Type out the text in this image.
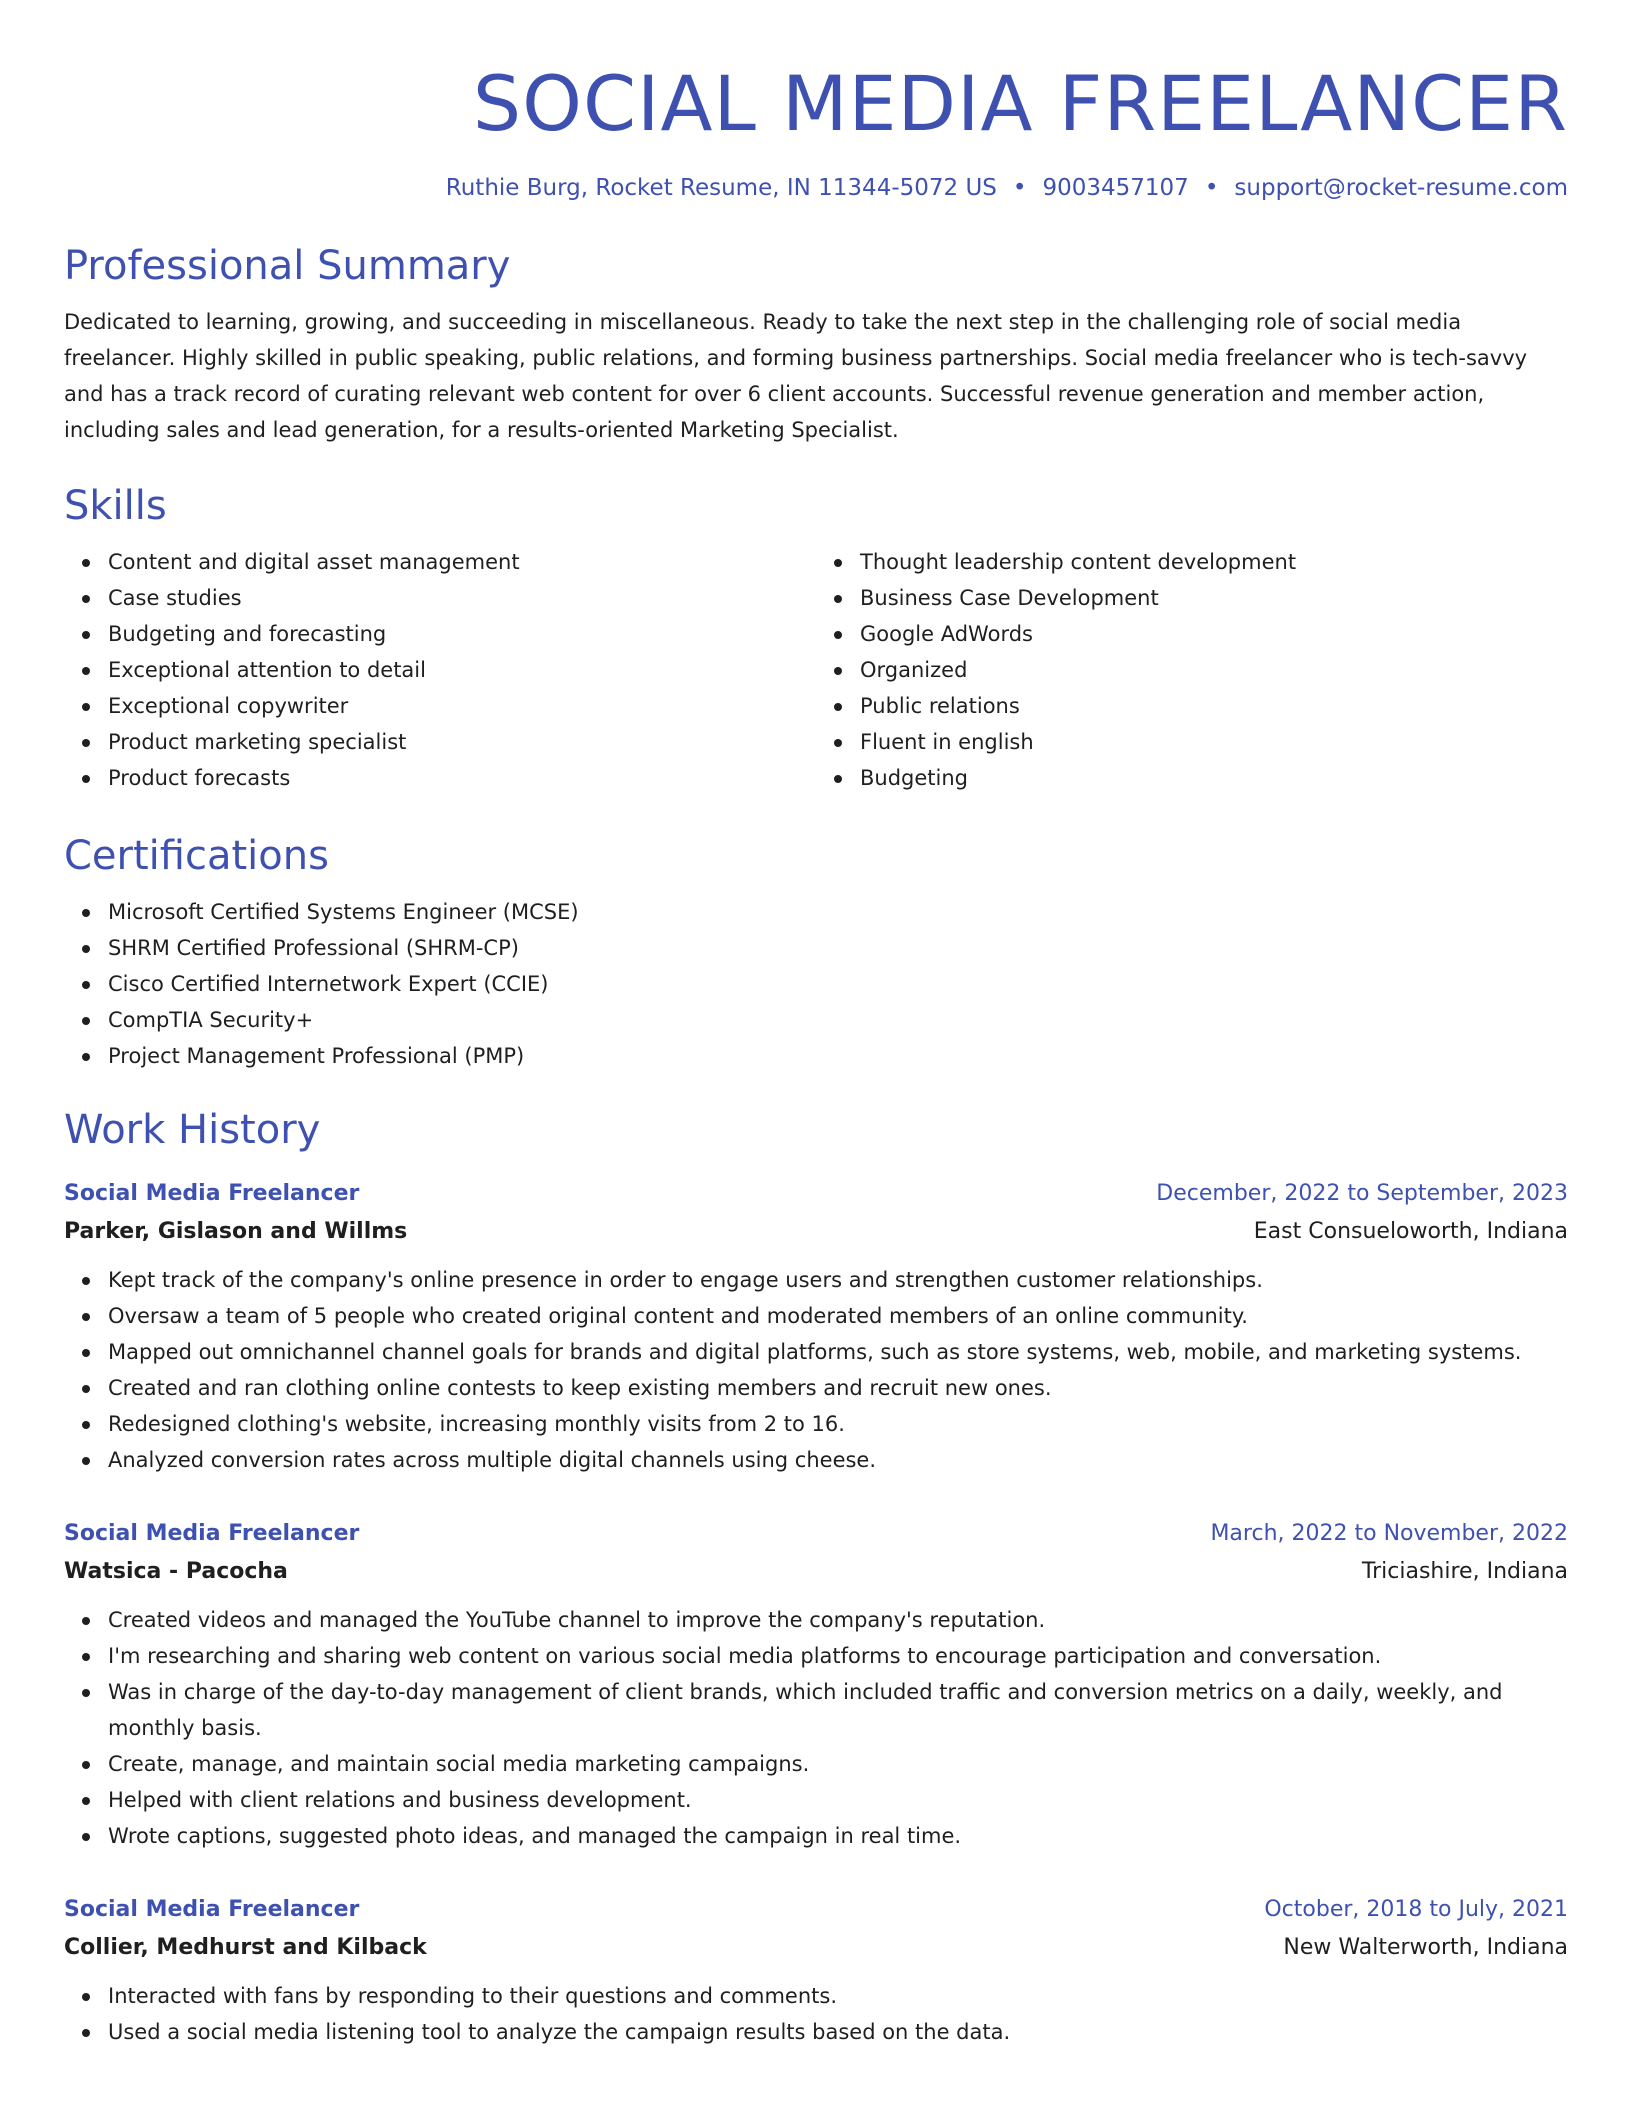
SOCIAL MEDIA FREELANCER
Ruthie Burg, Rocket Resume, IN 11344-5072 US • 9003457107 • support@rocket-resume.com
Professional Summary
Dedicated to learning, growing, and succeeding in miscellaneous. Ready to take the next step in the challenging role of social media freelancer. Highly skilled in public speaking, public relations, and forming business partnerships. Social media freelancer who is tech-savvy and has a track record of curating relevant web content for over 6 client accounts. Successful revenue generation and member action, including sales and lead generation, for a results-oriented Marketing Specialist.
Skills
Content and digital asset management
Case studies
Budgeting and forecasting
Exceptional attention to detail
Exceptional copywriter
Product marketing specialist
Product forecasts
Thought leadership content development
Business Case Development
Google AdWords
Organized
Public relations
Fluent in english
Budgeting
Certifications
Microsoft Certified Systems Engineer (MCSE)
SHRM Certified Professional (SHRM-CP)
Cisco Certified Internetwork Expert (CCIE)
CompTIA Security+
Project Management Professional (PMP)
Work History
Social Media Freelancer	December, 2022 to September, 2023
Parker, Gislason and Willms	East Consueloworth, Indiana
Kept track of the company's online presence in order to engage users and strengthen customer relationships.
Oversaw a team of 5 people who created original content and moderated members of an online community.
Mapped out omnichannel channel goals for brands and digital platforms, such as store systems, web, mobile, and marketing systems.
Created and ran clothing online contests to keep existing members and recruit new ones.
Redesigned clothing's website, increasing monthly visits from 2 to 16.
Analyzed conversion rates across multiple digital channels using cheese.
Social Media Freelancer	March, 2022 to November, 2022
Watsica - Pacocha	Triciashire, Indiana
Created videos and managed the YouTube channel to improve the company's reputation.
I'm researching and sharing web content on various social media platforms to encourage participation and conversation.
Was in charge of the day-to-day management of client brands, which included traffic and conversion metrics on a daily, weekly, and monthly basis.
Create, manage, and maintain social media marketing campaigns.
Helped with client relations and business development.
Wrote captions, suggested photo ideas, and managed the campaign in real time.
Social Media Freelancer	October, 2018 to July, 2021
Collier, Medhurst and Kilback	New Walterworth, Indiana
Interacted with fans by responding to their questions and comments.
Used a social media listening tool to analyze the campaign results based on the data.
